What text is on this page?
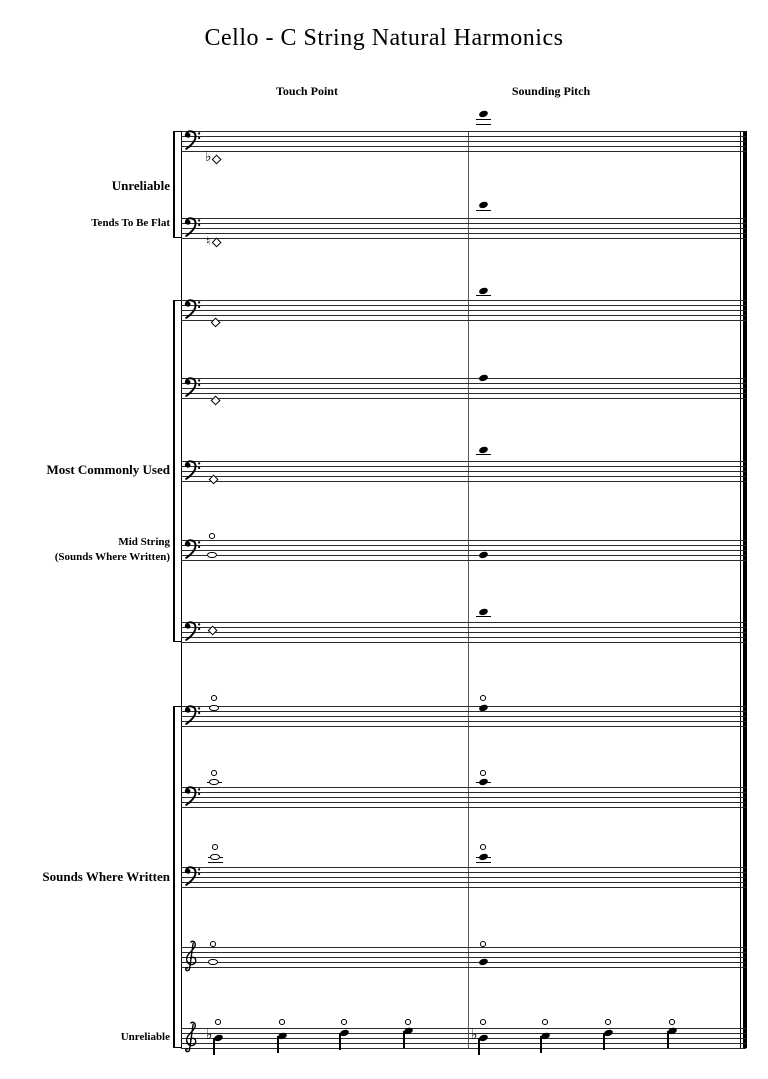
Cello - C String Natural Harmonics
Touch Point	Sounding Pitch
Unreliable
Tends To Be Flat
Most Commonly Used
Mid String
(Sounds Where Written)
Sounds Where Written
Unreliable
♭
♮
♭	♭
